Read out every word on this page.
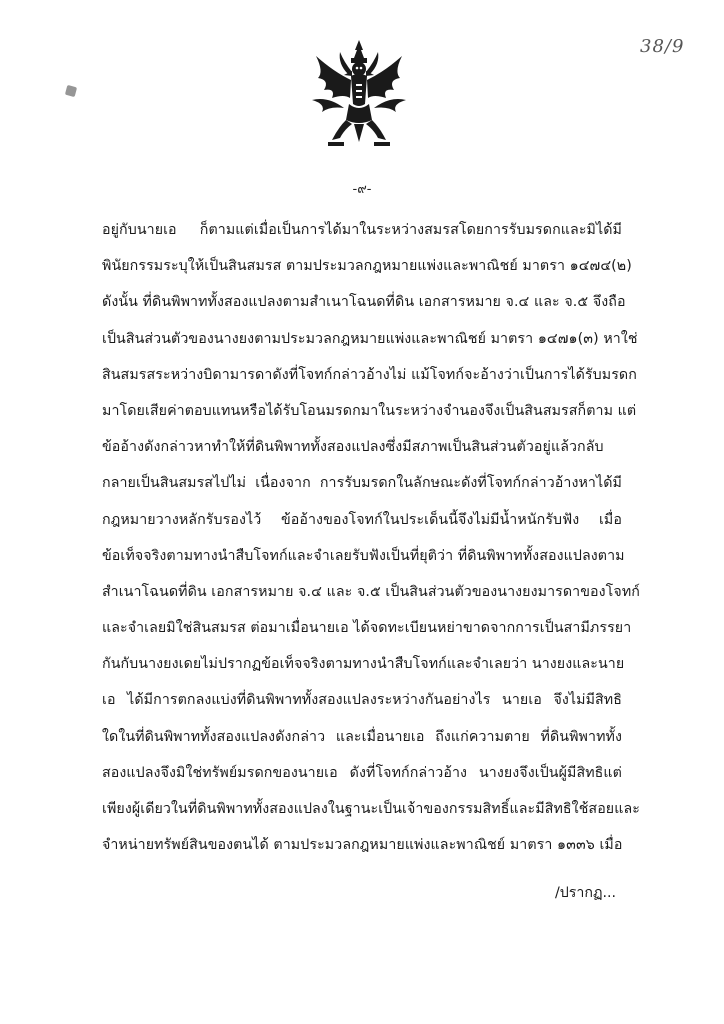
38/9
-๙-
อยู่กับนายเอ ก็ตามแต่เมื่อเป็นการได้มาในระหว่างสมรสโดยการรับมรดกและมิได้มี
พินัยกรรมระบุให้เป็นสินสมรส ตามประมวลกฎหมายแพ่งและพาณิชย์ มาตรา ๑๔๗๔(๒)
ดังนั้น ที่ดินพิพาททั้งสองแปลงตามสำเนาโฉนดที่ดิน เอกสารหมาย จ.๔ และ จ.๕ จึงถือ
เป็นสินส่วนตัวของนางยงตามประมวลกฎหมายแพ่งและพาณิชย์ มาตรา ๑๔๗๑(๓) หาใช่
สินสมรสระหว่างบิดามารดาดังที่โจทก์กล่าวอ้างไม่ แม้โจทก์จะอ้างว่าเป็นการได้รับมรดก
มาโดยเสียค่าตอบแทนหรือได้รับโอนมรดกมาในระหว่างจำนองจึงเป็นสินสมรสก็ตาม แต่
ข้ออ้างดังกล่าวหาทำให้ที่ดินพิพาททั้งสองแปลงซึ่งมีสภาพเป็นสินส่วนตัวอยู่แล้วกลับ
กลายเป็นสินสมรสไปไม่ เนื่องจาก การรับมรดกในลักษณะดังที่โจทก์กล่าวอ้างหาได้มี
กฎหมายวางหลักรับรองไว้ ข้ออ้างของโจทก์ในประเด็นนี้จึงไม่มีน้ำหนักรับฟัง เมื่อ
ข้อเท็จจริงตามทางนำสืบโจทก์และจำเลยรับฟังเป็นที่ยุติว่า ที่ดินพิพาททั้งสองแปลงตาม
สำเนาโฉนดที่ดิน เอกสารหมาย จ.๔ และ จ.๕ เป็นสินส่วนตัวของนางยงมารดาของโจทก์
และจำเลยมิใช่สินสมรส ต่อมาเมื่อนายเอ ได้จดทะเบียนหย่าขาดจากการเป็นสามีภรรยา
กันกับนางยงเดยไม่ปรากฏข้อเท็จจริงตามทางนำสืบโจทก์และจำเลยว่า นางยงและนาย
เอ ได้มีการตกลงแบ่งที่ดินพิพาททั้งสองแปลงระหว่างกันอย่างไร นายเอ จึงไม่มีสิทธิ
ใดในที่ดินพิพาททั้งสองแปลงดังกล่าว และเมื่อนายเอ ถึงแก่ความตาย ที่ดินพิพาททั้ง
สองแปลงจึงมิใช่ทรัพย์มรดกของนายเอ ดังที่โจทก์กล่าวอ้าง นางยงจึงเป็นผู้มีสิทธิแต่
เพียงผู้เดียวในที่ดินพิพาททั้งสองแปลงในฐานะเป็นเจ้าของกรรมสิทธิ์และมีสิทธิใช้สอยและ
จำหน่ายทรัพย์สินของตนได้ ตามประมวลกฎหมายแพ่งและพาณิชย์ มาตรา ๑๓๓๖ เมื่อ
/ปรากฏ...
